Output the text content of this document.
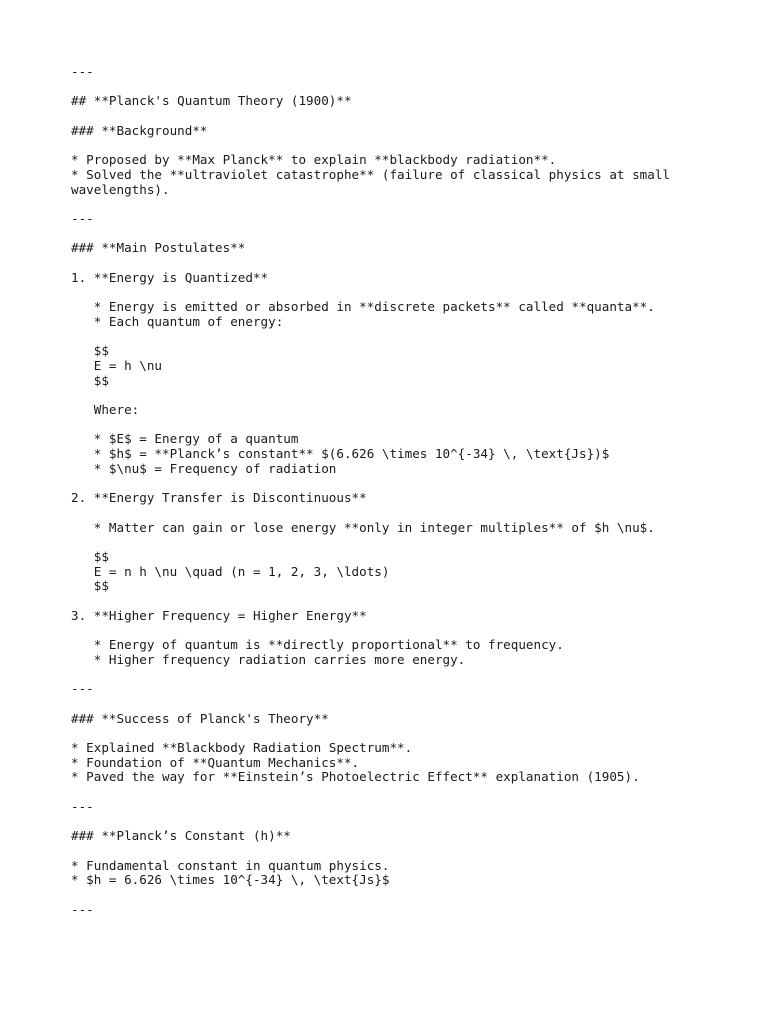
---
## **Planck's Quantum Theory (1900)**
### **Background**
* Proposed by **Max Planck** to explain **blackbody radiation**.
* Solved the **ultraviolet catastrophe** (failure of classical physics at small
wavelengths).
---
### **Main Postulates**
1. **Energy is Quantized**
* Energy is emitted or absorbed in **discrete packets** called **quanta**.
* Each quantum of energy:
$$
E = h \nu
$$
Where:
* $E$ = Energy of a quantum
* $h$ = **Planck’s constant** $(6.626 \times 10^{-34} \, \text{Js})$
* $\nu$ = Frequency of radiation
2. **Energy Transfer is Discontinuous**
* Matter can gain or lose energy **only in integer multiples** of $h \nu$.
$$
E = n h \nu \quad (n = 1, 2, 3, \ldots)
$$
3. **Higher Frequency = Higher Energy**
* Energy of quantum is **directly proportional** to frequency.
* Higher frequency radiation carries more energy.
---
### **Success of Planck's Theory**
* Explained **Blackbody Radiation Spectrum**.
* Foundation of **Quantum Mechanics**.
* Paved the way for **Einstein’s Photoelectric Effect** explanation (1905).
---
### **Planck’s Constant (h)**
* Fundamental constant in quantum physics.
* $h = 6.626 \times 10^{-34} \, \text{Js}$
---
